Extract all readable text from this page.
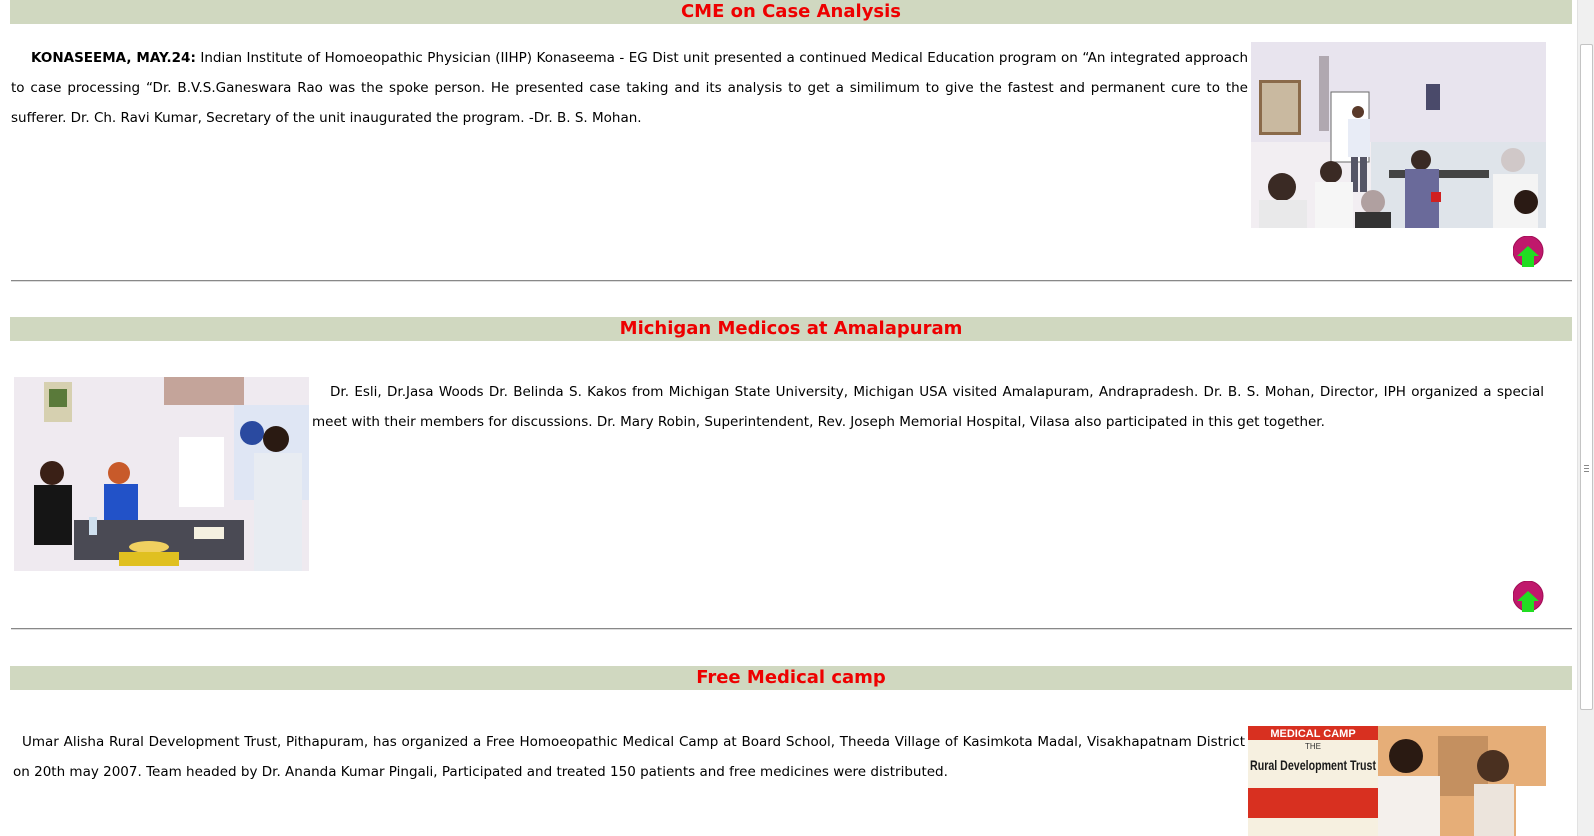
CME on Case Analysis
KONASEEMA, MAY.24: Indian Institute of Homoeopathic Physician (IIHP) Konaseema - EG Dist unit presented a continued Medical Education program on “An integrated approach to case processing “Dr. B.V.S.Ganeswara Rao was the spoke person. He presented case taking and its analysis to get a similimum to give the fastest and permanent cure to the sufferer. Dr. Ch. Ravi Kumar, Secretary of the unit inaugurated the program. -Dr. B. S. Mohan.
Michigan Medicos at Amalapuram
Dr. Esli, Dr.Jasa Woods Dr. Belinda S. Kakos from Michigan State University, Michigan USA visited Amalapuram, Andrapradesh. Dr. B. S. Mohan, Director, IPH organized a special meet with their members for discussions. Dr. Mary Robin, Superintendent, Rev. Joseph Memorial Hospital, Vilasa also participated in this get together.
Free Medical camp
Umar Alisha Rural Development Trust, Pithapuram, has organized a Free Homoeopathic Medical Camp at Board School, Theeda Village of Kasimkota Madal, Visakhapatnam District on 20th may 2007. Team headed by Dr. Ananda Kumar Pingali, Participated and treated 150 patients and free medicines were distributed.
MEDICAL CAMP
THE
Rural Development Trust
